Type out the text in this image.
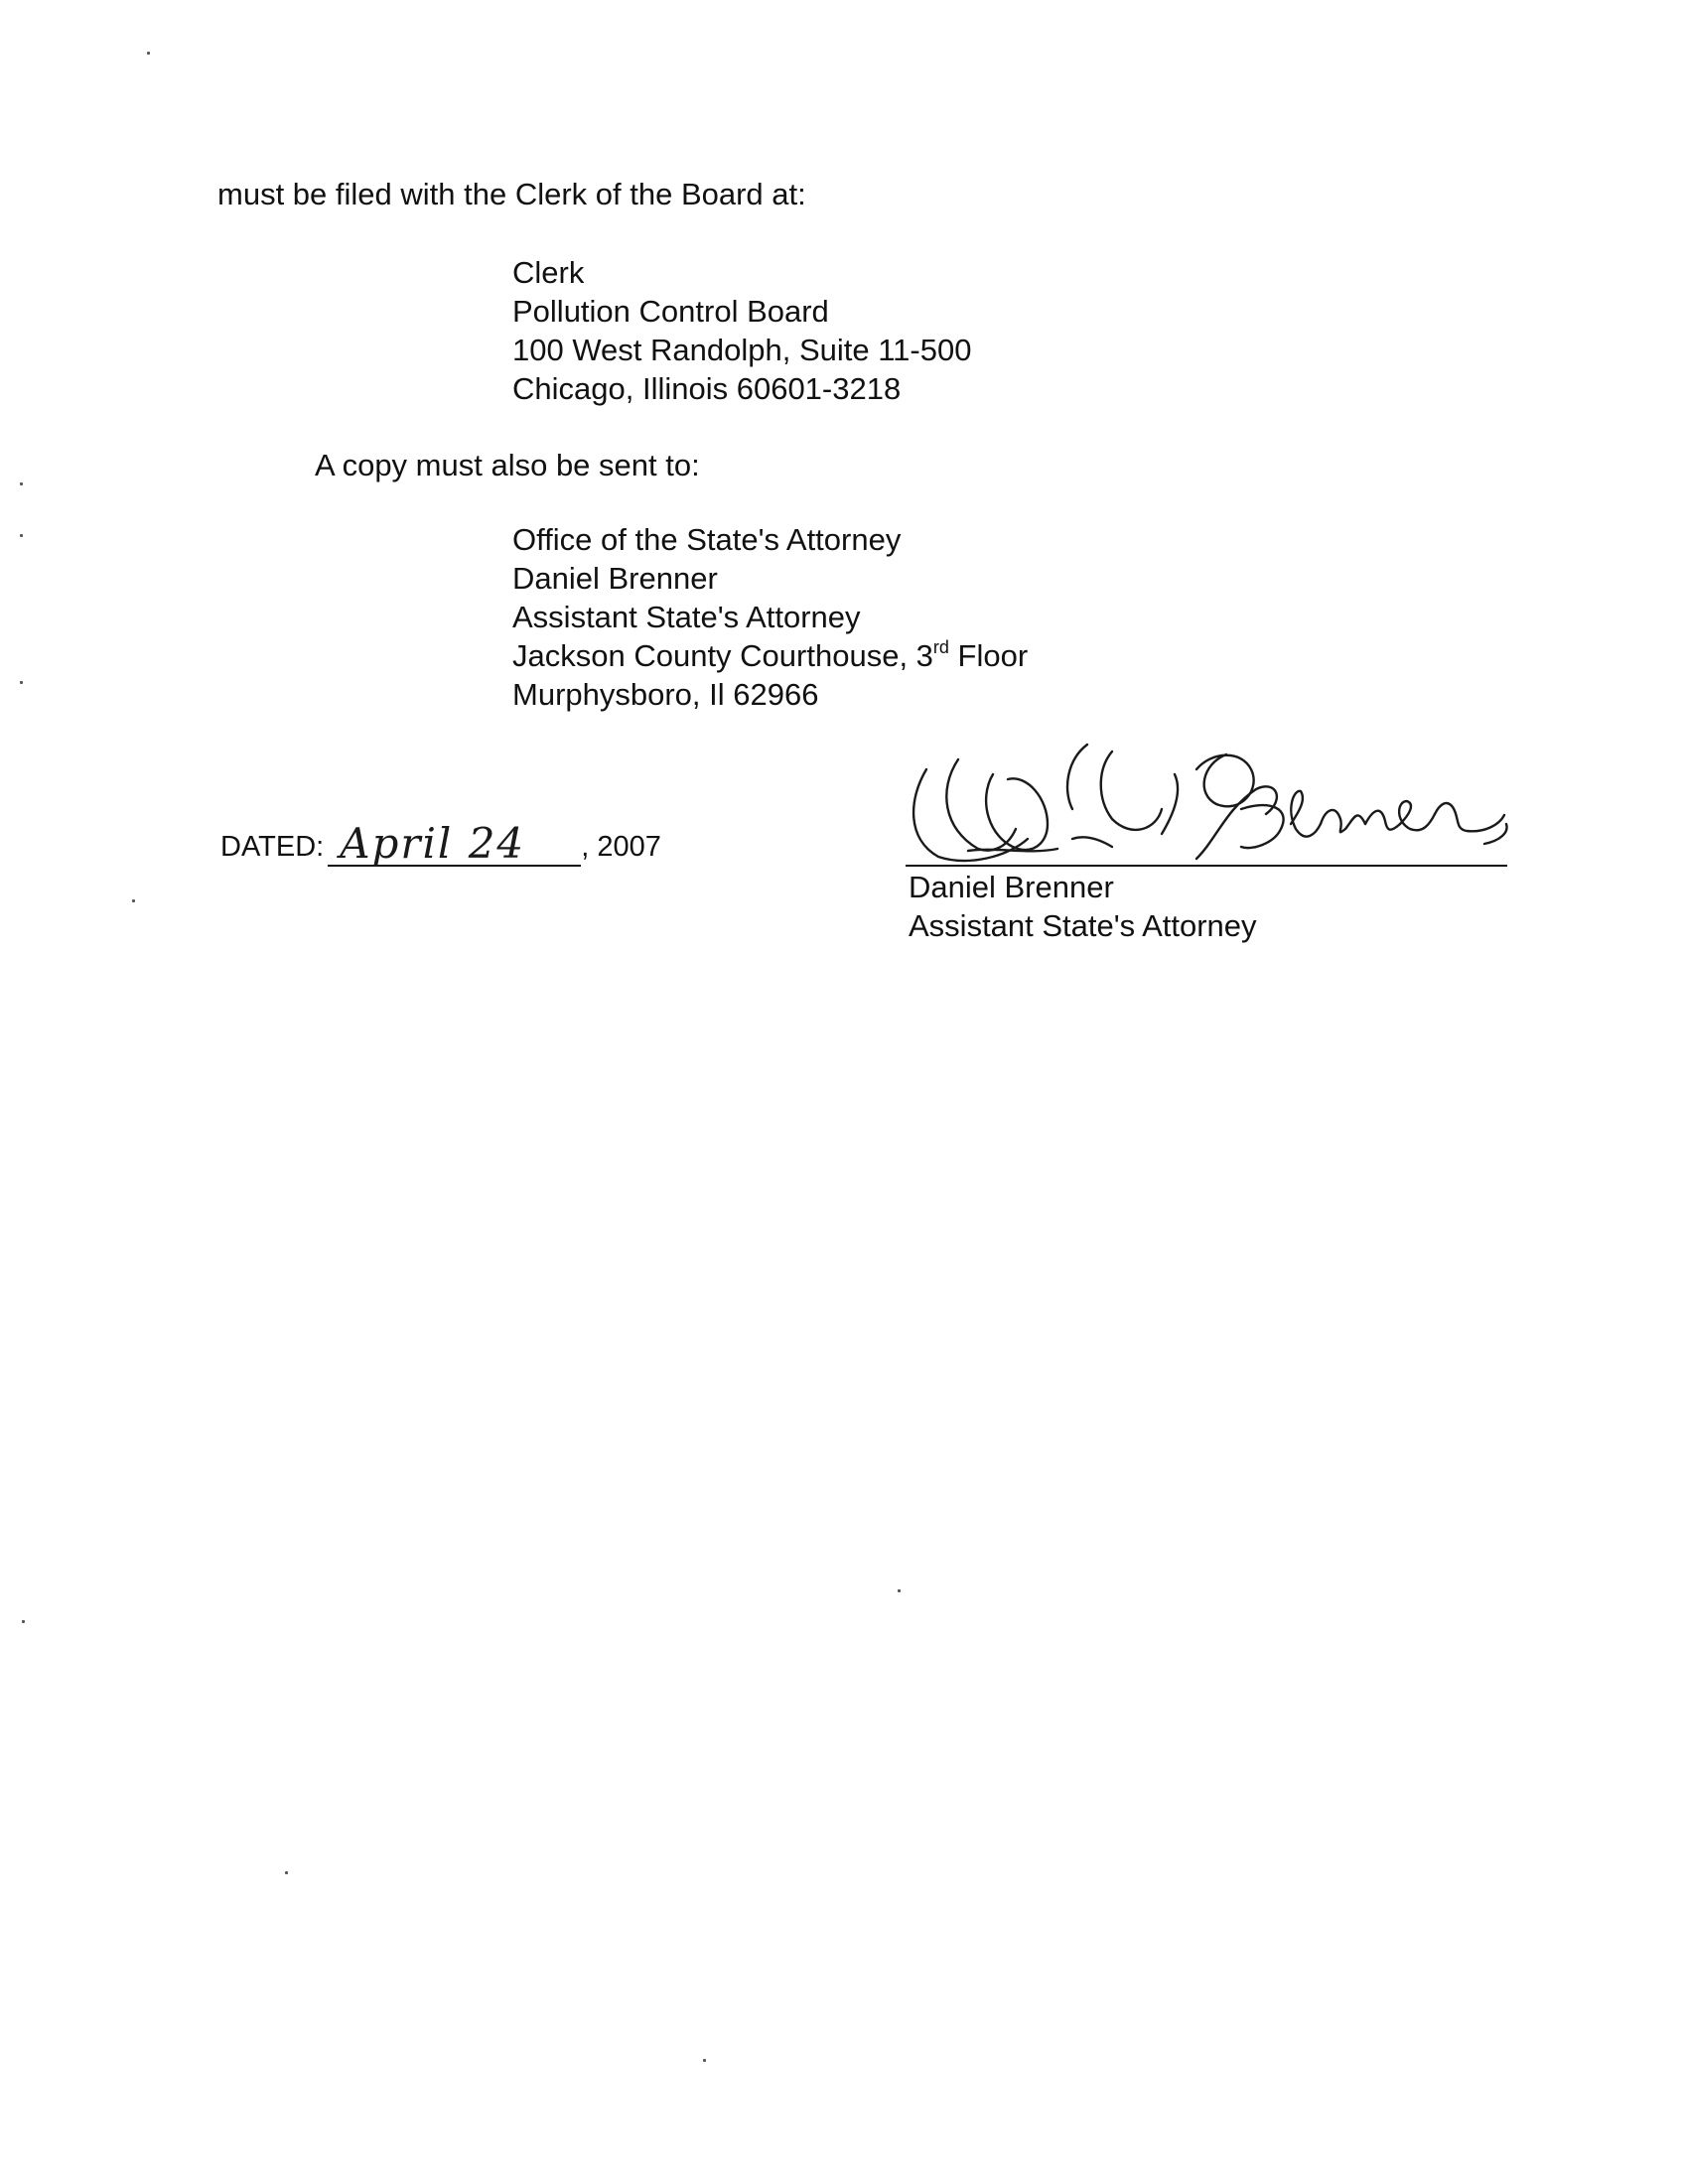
must be filed with the Clerk of the Board at:
Clerk
Pollution Control Board
100 West Randolph, Suite 11-500
Chicago, Illinois 60601-3218
A copy must also be sent to:
Office of the State's Attorney
Daniel Brenner
Assistant State's Attorney
Jackson County Courthouse, 3rd Floor
Murphysboro, Il 62966
DATED: April 24 , 2007
Daniel Brenner
Assistant State's Attorney
